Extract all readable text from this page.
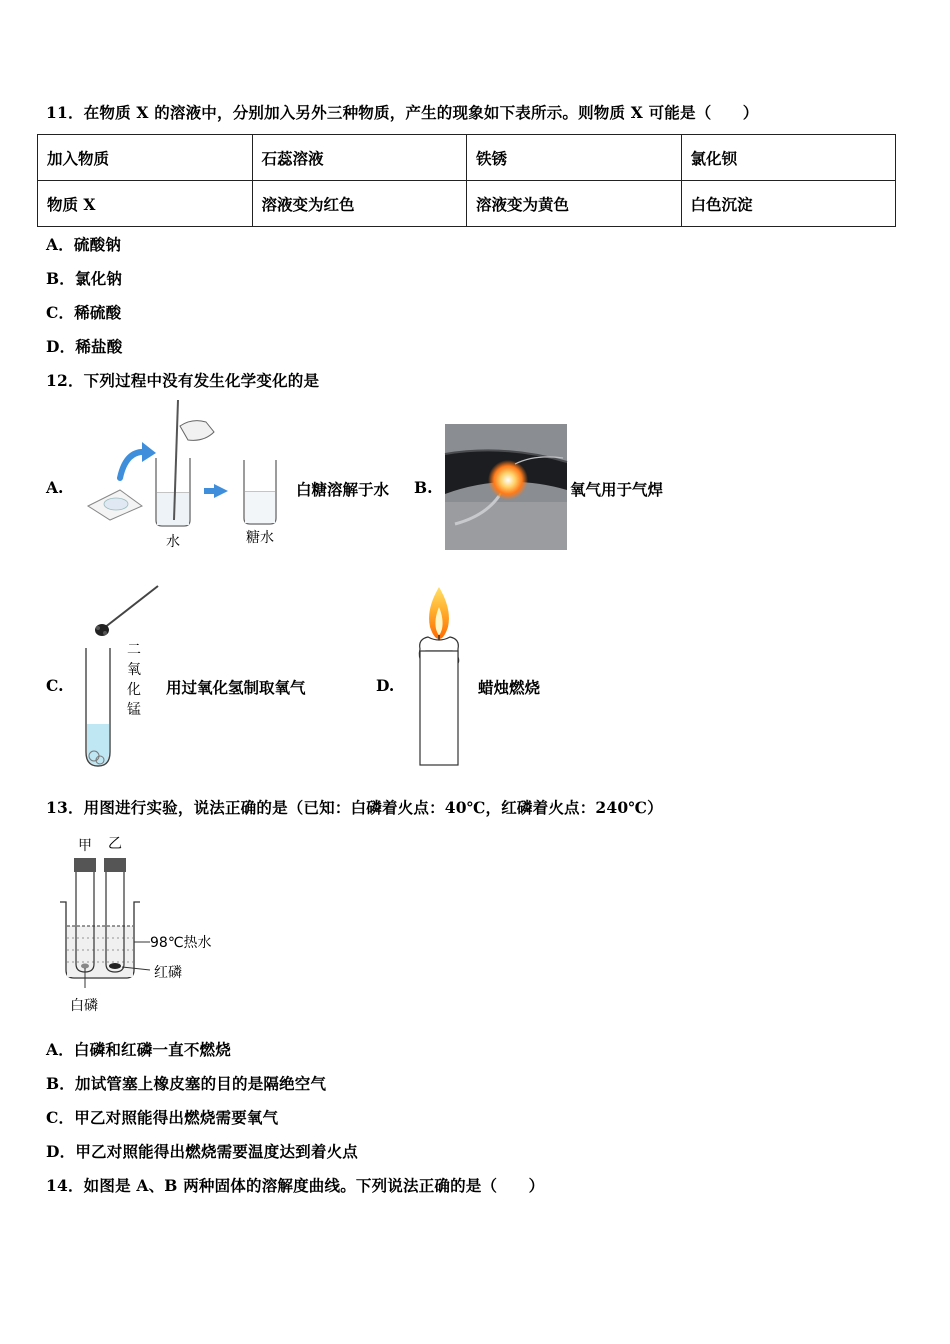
11．在物质 X 的溶液中，分别加入另外三种物质，产生的现象如下表所示。则物质 X 可能是（　　）
加入物质	石蕊溶液	铁锈	氯化钡
物质 X	溶液变为红色	溶液变为黄色	白色沉淀
A．硫酸钠
B．氯化钠
C．稀硫酸
D．稀盐酸
12．下列过程中没有发生化学变化的是
A.
水	糖水
白糖溶解于水 B.	氧气用于气焊
C.
二
氧
化
锰
用过氧化氢制取氧气	D.	蜡烛燃烧
13．用图进行实验，说法正确的是（已知：白磷着火点：40℃，红磷着火点：240℃）
甲 乙
98℃热水
红磷
白磷
A．白磷和红磷一直不燃烧
B．加试管塞上橡皮塞的目的是隔绝空气
C．甲乙对照能得出燃烧需要氧气
D．甲乙对照能得出燃烧需要温度达到着火点
14．如图是 A、B 两种固体的溶解度曲线。下列说法正确的是（　　）
